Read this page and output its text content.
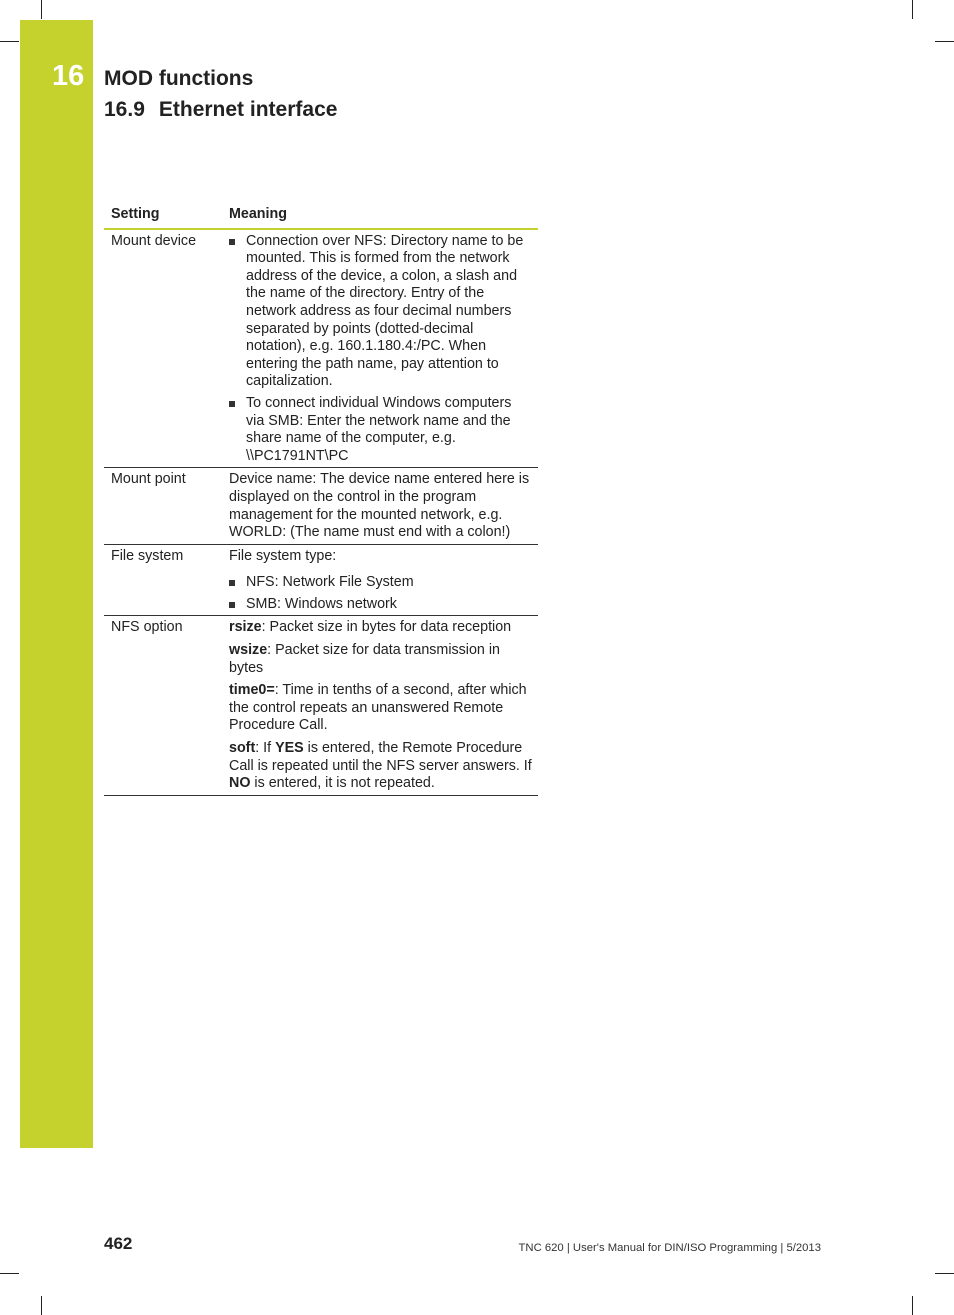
16 MOD functions
16.9 Ethernet interface
Setting	Meaning
Mount device	Connection over NFS: Directory name to be mounted. This is formed from the network address of the device, a colon, a slash and the name of the directory. Entry of the network address as four decimal numbers separated by points (dotted-decimal notation), e.g. 160.1.180.4:/PC. When entering the path name, pay attention to capitalization.
To connect individual Windows computers via SMB: Enter the network name and the share name of the computer, e.g. \\PC1791NT\PC
Mount point	Device name: The device name entered here is displayed on the control in the program management for the mounted network, e.g. WORLD: (The name must end with a colon!)
File system	File system type:
NFS: Network File System
SMB: Windows network
NFS option	rsize: Packet size in bytes for data reception
wsize: Packet size for data transmission in bytes
time0=: Time in tenths of a second, after which the control repeats an unanswered Remote Procedure Call.
soft: If YES is entered, the Remote Procedure Call is repeated until the NFS server answers. If NO is entered, it is not repeated.
462	TNC 620 | User's Manual for DIN/ISO Programming | 5/2013
